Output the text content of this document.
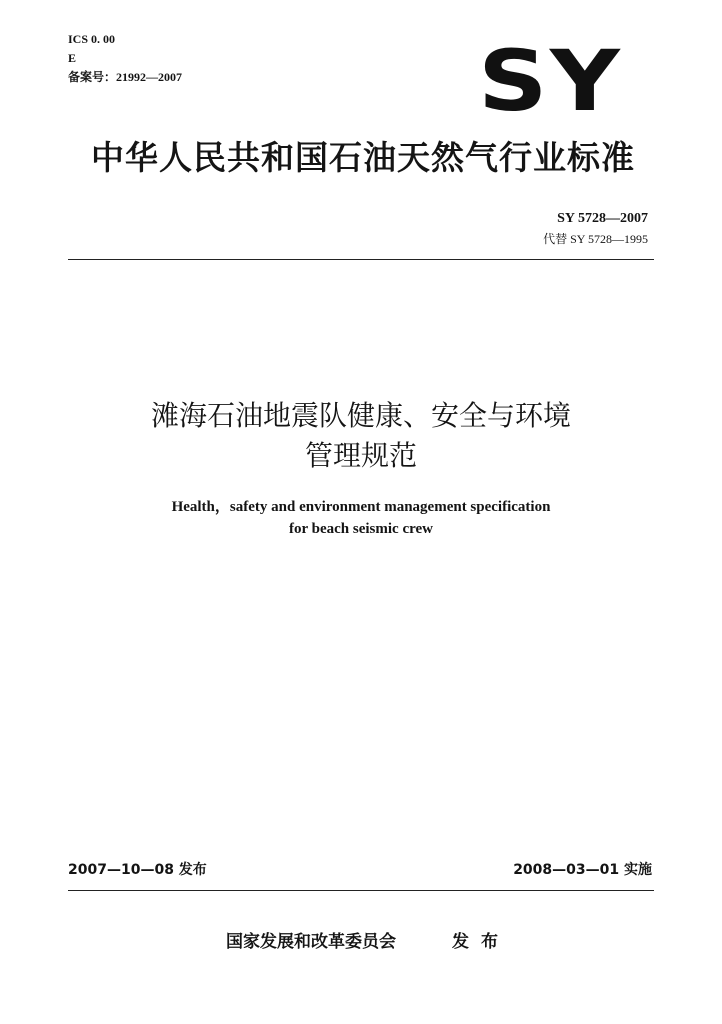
ICS 0. 00
E
备案号：21992—2007	SY
中华人民共和国石油天然气行业标准
SY 5728—2007
代替 SY 5728—1995
滩海石油地震队健康、安全与环境
管理规范
Health，safety and environment management specification
for beach seismic crew
2007—10—08 发布	2008—03—01 实施
国家发展和改革委员会	发布
